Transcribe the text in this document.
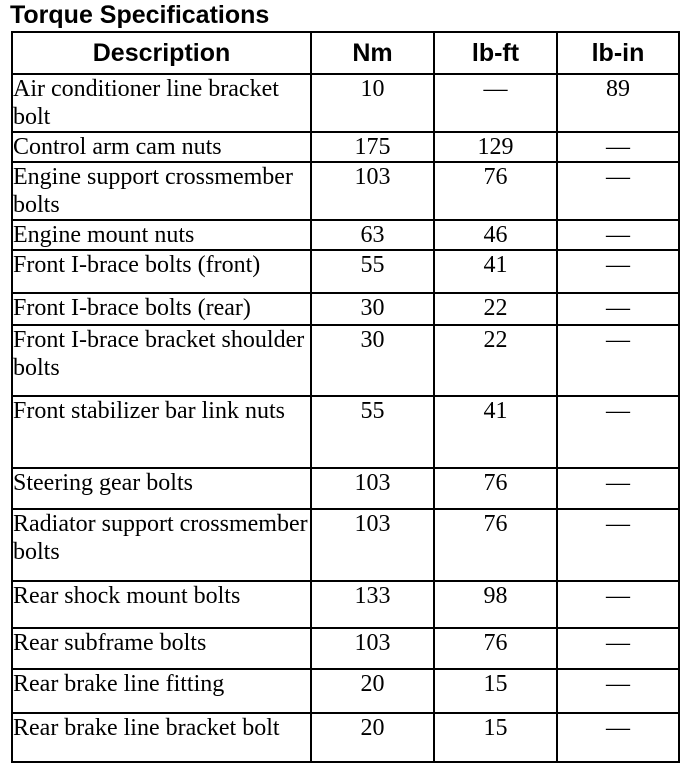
Torque Specifications
Description	Nm	lb-ft	lb-in
Air conditioner line bracket bolt	10	—	89
Control arm cam nuts	175	129	—
Engine support crossmember bolts	103	76	—
Engine mount nuts	63	46	—
Front I-brace bolts (front)	55	41	—
Front I-brace bolts (rear)	30	22	—
Front I-brace bracket shoulder bolts	30	22	—
Front stabilizer bar link nuts	55	41	—
Steering gear bolts	103	76	—
Radiator support crossmember bolts	103	76	—
Rear shock mount bolts	133	98	—
Rear subframe bolts	103	76	—
Rear brake line fitting	20	15	—
Rear brake line bracket bolt	20	15	—
